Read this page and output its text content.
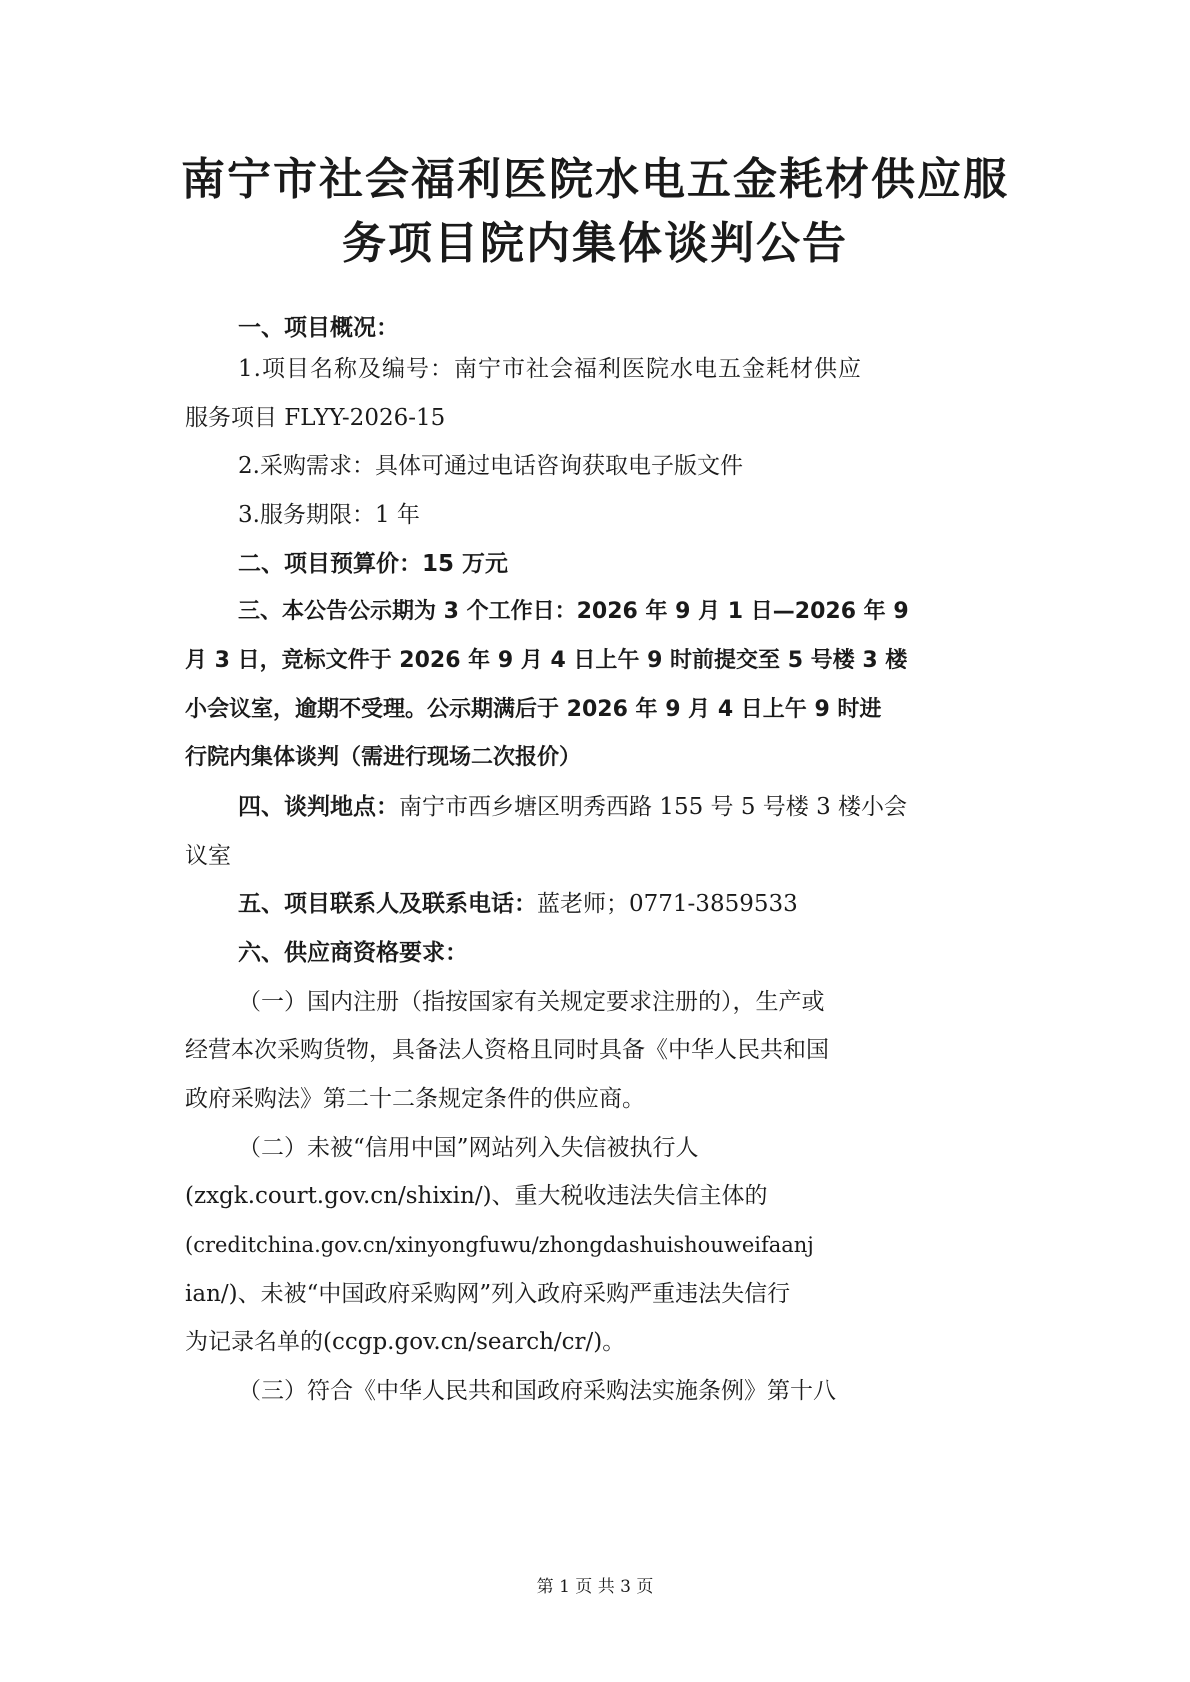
南宁市社会福利医院水电五金耗材供应服
务项目院内集体谈判公告
一、项目概况：
1.项目名称及编号：南宁市社会福利医院水电五金耗材供应
服务项目 FLYY-2026-15
2.采购需求：具体可通过电话咨询获取电子版文件
3.服务期限：1 年
二、项目预算价：15 万元
三、本公告公示期为 3 个工作日：2026 年 9 月 1 日—2026 年 9
月 3 日，竞标文件于 2026 年 9 月 4 日上午 9 时前提交至 5 号楼 3 楼
小会议室，逾期不受理。公示期满后于 2026 年 9 月 4 日上午 9 时进
行院内集体谈判（需进行现场二次报价）
四、谈判地点：南宁市西乡塘区明秀西路 155 号 5 号楼 3 楼小会
议室
五、项目联系人及联系电话：蓝老师；0771-3859533
六、供应商资格要求：
（一）国内注册（指按国家有关规定要求注册的），生产或
经营本次采购货物，具备法人资格且同时具备《中华人民共和国
政府采购法》第二十二条规定条件的供应商。
（二）未被“信用中国”网站列入失信被执行人
(zxgk.court.gov.cn/shixin/)、重大税收违法失信主体的
(creditchina.gov.cn/xinyongfuwu/zhongdashuishouweifaanj
ian/)、未被“中国政府采购网”列入政府采购严重违法失信行
为记录名单的(ccgp.gov.cn/search/cr/)。
（三）符合《中华人民共和国政府采购法实施条例》第十八
第 1 页 共 3 页
